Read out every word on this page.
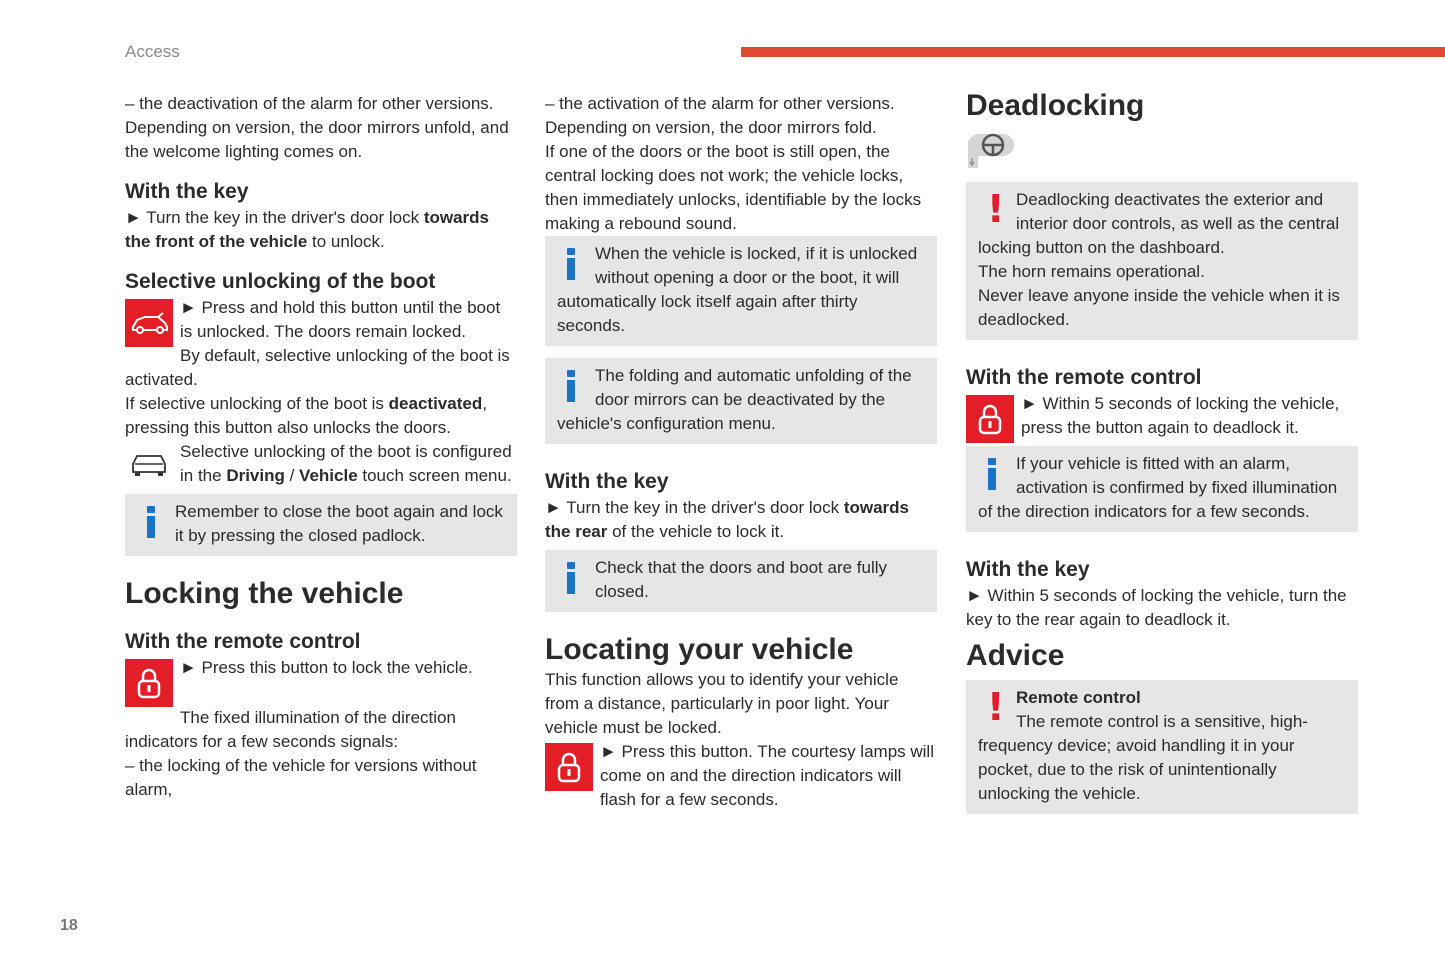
Access
18

– the deactivation of the alarm for other versions.

Depending on version, the door mirrors unfold, and the welcome lighting comes on.

With the key

► Turn the key in the driver's door lock towards the front of the vehicle to unlock.

Selective unlocking of the boot

► Press and hold this button until the boot is unlocked. The doors remain locked.

By default, selective unlocking of the boot is activated.

If selective unlocking of the boot is deactivated, pressing this button also unlocks the doors.

Selective unlocking of the boot is configured in the Driving / Vehicle touch screen menu.

Remember to close the boot again and lock it by pressing the closed padlock.

Locking the vehicle
With the remote control

► Press this button to lock the vehicle.

The fixed illumination of the direction indicators for a few seconds signals:

– the locking of the vehicle for versions without alarm,

– the activation of the alarm for other versions.

Depending on version, the door mirrors fold.

If one of the doors or the boot is still open, the central locking does not work; the vehicle locks, then immediately unlocks, identifiable by the locks making a rebound sound.

When the vehicle is locked, if it is unlocked without opening a door or the boot, it will automatically lock itself again after thirty seconds.

The folding and automatic unfolding of the door mirrors can be deactivated by the vehicle's configuration menu.

With the key

► Turn the key in the driver's door lock towards the rear of the vehicle to lock it.

Check that the doors and boot are fully closed.

Locating your vehicle

This function allows you to identify your vehicle from a distance, particularly in poor light. Your vehicle must be locked.

► Press this button. The courtesy lamps will come on and the direction indicators will flash for a few seconds.

Deadlocking
! Deadlocking deactivates the exterior and interior door controls, as well as the central locking button on the dashboard.

The horn remains operational.

Never leave anyone inside the vehicle when it is deadlocked.

With the remote control

► Within 5 seconds of locking the vehicle, press the button again to deadlock it.

If your vehicle is fitted with an alarm, activation is confirmed by fixed illumination of the direction indicators for a few seconds.

With the key

► Within 5 seconds of locking the vehicle, turn the key to the rear again to deadlock it.

Advice
! Remote control

The remote control is a sensitive, high-frequency device; avoid handling it in your pocket, due to the risk of unintentionally unlocking the vehicle.
